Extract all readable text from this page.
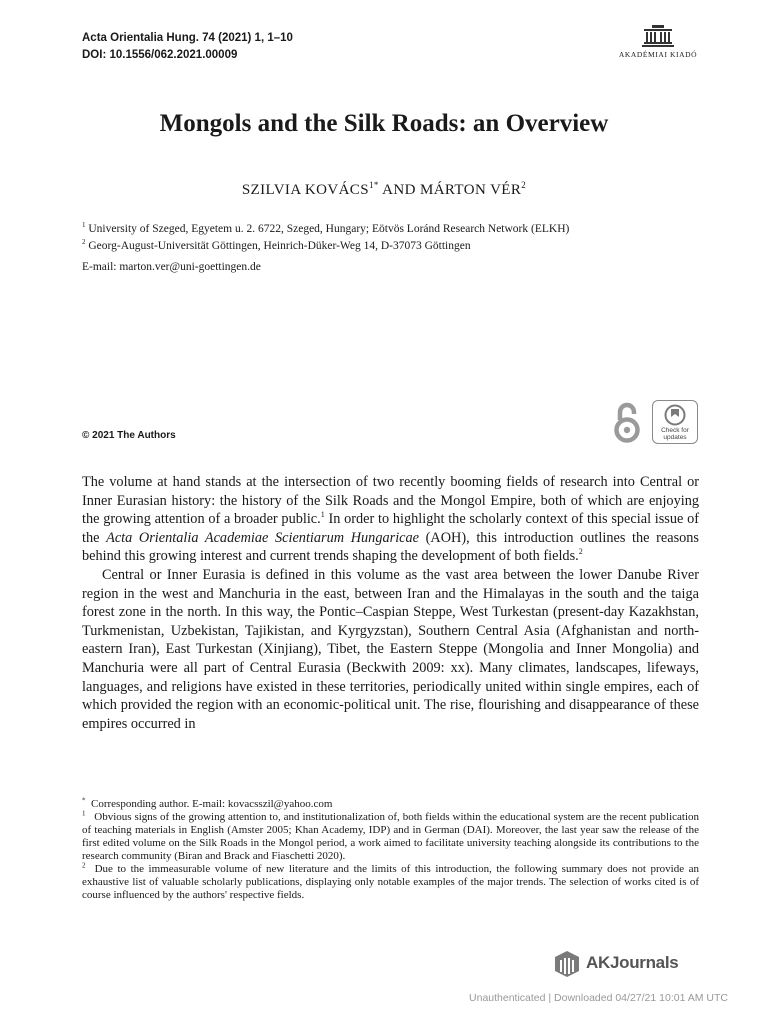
Acta Orientalia Hung. 74 (2021) 1, 1–10
DOI: 10.1556/062.2021.00009	AKADÉMIAI KIADÓ
Mongols and the Silk Roads: an Overview
SZILVIA $KOVÁCS^{1*}$ AND MÁRTON VÉR$^2$
$^1$ University of Szeged, Egyetem u. 2. 6722, Szeged, Hungary; Eötvös Loránd Research Network (ELKH)
$^2$ Georg-August-Universität Göttingen, Heinrich-Düker-Weg 14, D-37073 Göttingen
E-mail: marton.ver@uni-goettingen.de
© 2021 The Authors	Check for
updates

The volume at hand stands at the intersection of two recently booming fields of research into Central or Inner Eurasian history: the history of the Silk Roads and the Mongol Empire, both of which are enjoying the growing attention of a broader public.$^1$ In order to highlight the scholarly context of this special issue of the Acta Orientalia Academiae Scientiarum Hungaricae (AOH), this introduction outlines the reasons behind this growing interest and current trends shaping the development of both fields.$^2$

Central or Inner Eurasia is defined in this volume as the vast area between the lower Danube River region in the west and Manchuria in the east, between Iran and the Himalayas in the south and the taiga forest zone in the north. In this way, the Pontic–Caspian Steppe, West Turkestan (present-day Kazakhstan, Turkmenistan, Uzbekistan, Tajikistan, and Kyrgyzstan), Southern Central Asia (Afghanistan and north-eastern Iran), East Turkestan (Xinjiang), Tibet, the Eastern Steppe (Mongolia and Inner Mongolia) and Manchuria were all part of Central Eurasia (Beckwith 2009: xx). Many climates, landscapes, lifeways, languages, and religions have existed in these territories, periodically united within single empires, each of which provided the region with an economic-political unit. The rise, flourishing and disappearance of these empires occurred in

* Corresponding author. E-mail: kovacsszil@yahoo.com

$^1$ Obvious signs of the growing attention to, and institutionalization of, both fields within the educational system are the recent publication of teaching materials in English (Amster 2005; Khan Academy, IDP) and in German (DAI). Moreover, the last year saw the release of the first edited volume on the Silk Roads in the Mongol period, a work aimed to facilitate university teaching alongside its contributions to the research community (Biran and Brack and Fiaschetti 2020).

$^2$ Due to the immeasurable volume of new literature and the limits of this introduction, the following summary does not provide an exhaustive list of valuable scholarly publications, displaying only notable examples of the major trends. The selection of works cited is of course influenced by the authors' respective fields.

AKJournals
Unauthenticated | Downloaded 04/27/21 10:01 AM UTC
